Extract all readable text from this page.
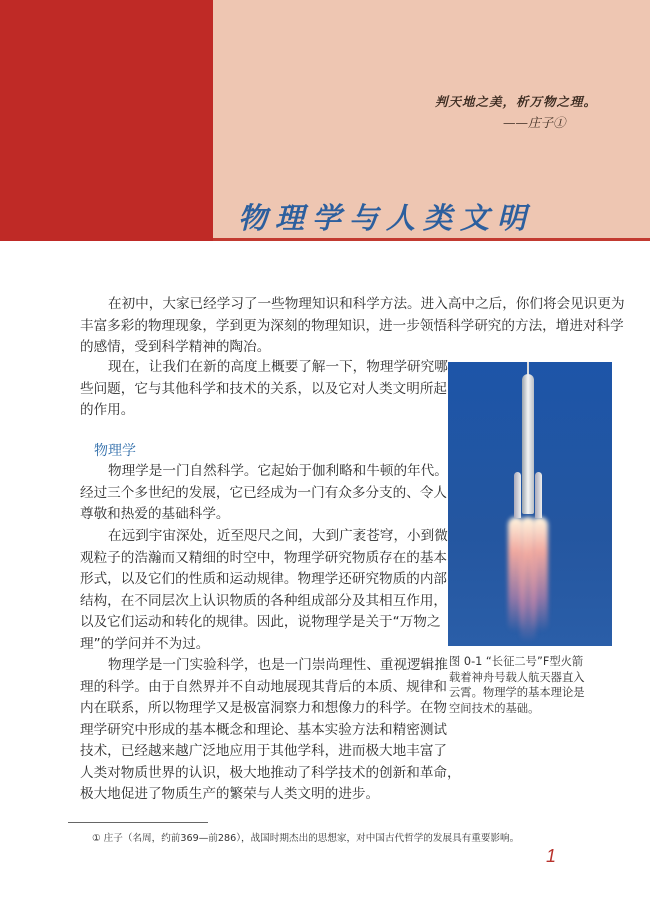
判天地之美，析万物之理。
——庄子①
物理学与人类文明
在初中，大家已经学习了一些物理知识和科学方法。进入高中之后，你们将会见识更为
丰富多彩的物理现象，学到更为深刻的物理知识，进一步领悟科学研究的方法，增进对科学
的感情，受到科学精神的陶冶。
现在，让我们在新的高度上概要了解一下，物理学研究哪
些问题，它与其他科学和技术的关系，以及它对人类文明所起
的作用。
物理学是一门自然科学。它起始于伽利略和牛顿的年代。
经过三个多世纪的发展，它已经成为一门有众多分支的、令人
尊敬和热爱的基础科学。
在远到宇宙深处，近至咫尺之间，大到广袤苍穹，小到微
观粒子的浩瀚而又精细的时空中，物理学研究物质存在的基本
形式，以及它们的性质和运动规律。物理学还研究物质的内部
结构，在不同层次上认识物质的各种组成部分及其相互作用，
以及它们运动和转化的规律。因此，说物理学是关于“万物之
理”的学问并不为过。
物理学是一门实验科学，也是一门崇尚理性、重视逻辑推
理的科学。由于自然界并不自动地展现其背后的本质、规律和
内在联系，所以物理学又是极富洞察力和想像力的科学。在物
理学研究中形成的基本概念和理论、基本实验方法和精密测试
技术，已经越来越广泛地应用于其他学科，进而极大地丰富了
人类对物质世界的认识，极大地推动了科学技术的创新和革命，
极大地促进了物质生产的繁荣与人类文明的进步。
物理学
图 0-1 “长征二号”F型火箭
载着神舟号载人航天器直入
云霄。物理学的基本理论是
空间技术的基础。
① 庄子（名周，约前369—前286），战国时期杰出的思想家，对中国古代哲学的发展具有重要影响。
1
